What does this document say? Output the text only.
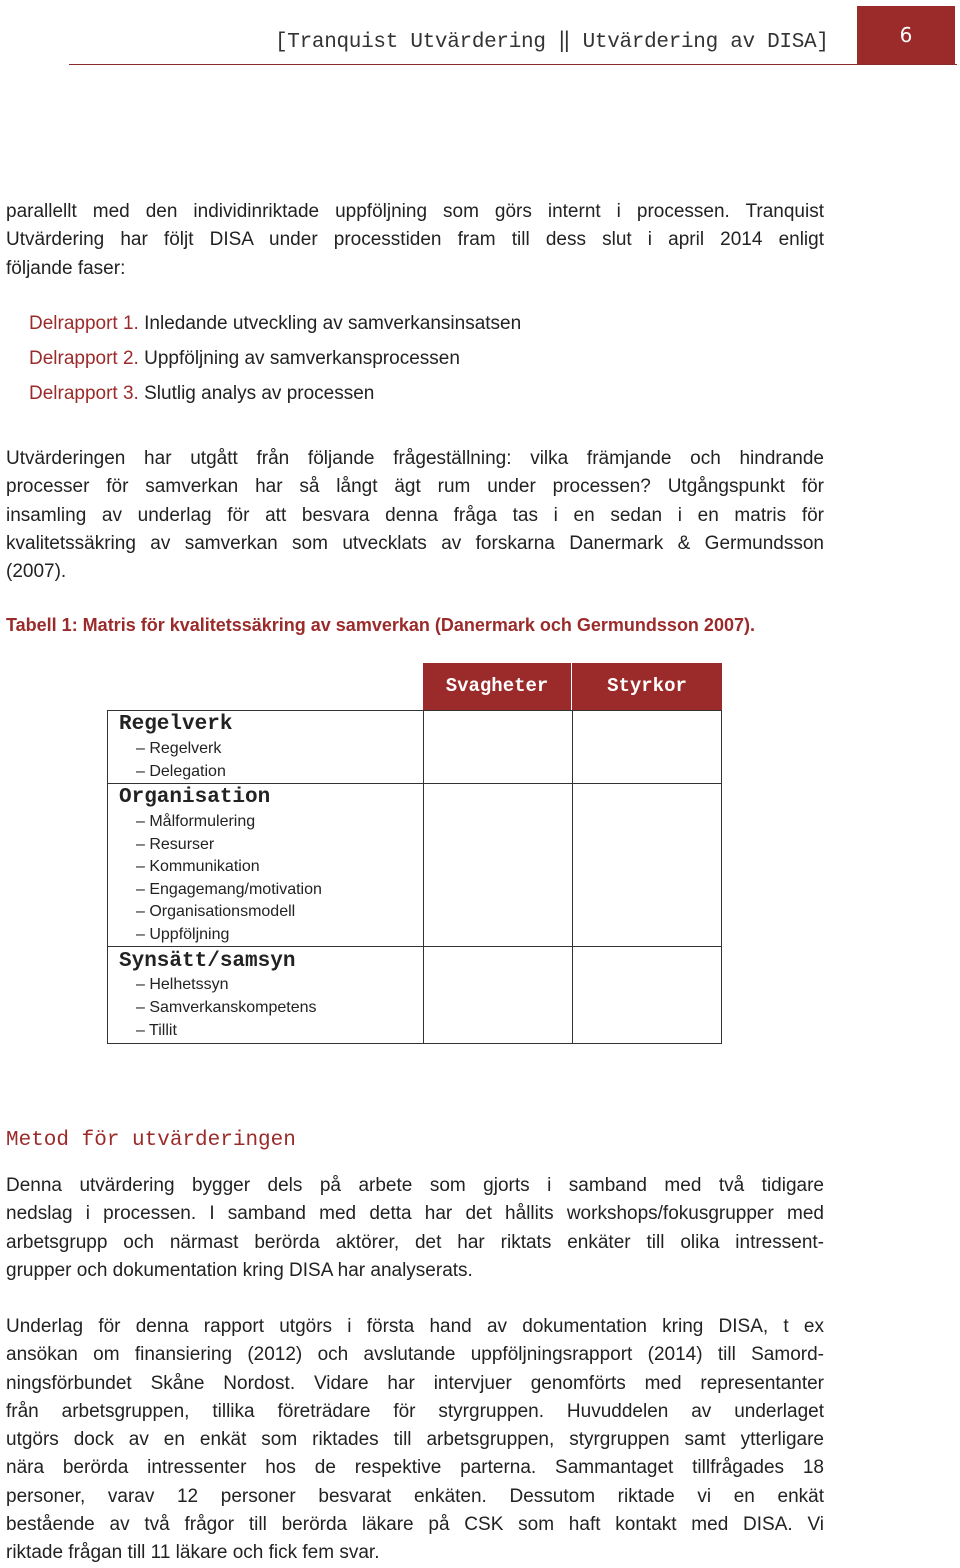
[Tranquist Utvärdering ‖ Utvärdering av DISA]	6
parallellt med den individinriktade uppföljning som görs internt i processen. Tranquist
Utvärdering har följt DISA under processtiden fram till dess slut i april 2014 enligt
följande faser:
Delrapport 1. Inledande utveckling av samverkansinsatsen
Delrapport 2. Uppföljning av samverkansprocessen
Delrapport 3. Slutlig analys av processen
Utvärderingen har utgått från följande frågeställning: vilka främjande och hindrande
processer för samverkan har så långt ägt rum under processen? Utgångspunkt för
insamling av underlag för att besvara denna fråga tas i en sedan i en matris för
kvalitetssäkring av samverkan som utvecklats av forskarna Danermark & Germundsson
(2007).
Tabell 1: Matris för kvalitetssäkring av samverkan (Danermark och Germundsson 2007).
Svagheter	Styrkor
Regelverk
– Regelverk
– Delegation
Organisation
– Målformulering
– Resurser
– Kommunikation
– Engagemang/motivation
– Organisationsmodell
– Uppföljning
Synsätt/samsyn
– Helhetssyn
– Samverkanskompetens
– Tillit
Metod för utvärderingen
Denna utvärdering bygger dels på arbete som gjorts i samband med två tidigare
nedslag i processen. I samband med detta har det hållits workshops/fokusgrupper med
arbetsgrupp och närmast berörda aktörer, det har riktats enkäter till olika intressent-
grupper och dokumentation kring DISA har analyserats.
Underlag för denna rapport utgörs i första hand av dokumentation kring DISA, t ex
ansökan om finansiering (2012) och avslutande uppföljningsrapport (2014) till Samord-
ningsförbundet Skåne Nordost. Vidare har intervjuer genomförts med representanter
från arbetsgruppen, tillika företrädare för styrgruppen. Huvuddelen av underlaget
utgörs dock av en enkät som riktades till arbetsgruppen, styrgruppen samt ytterligare
nära berörda intressenter hos de respektive parterna. Sammantaget tillfrågades 18
personer, varav 12 personer besvarat enkäten. Dessutom riktade vi en enkät
bestående av två frågor till berörda läkare på CSK som haft kontakt med DISA. Vi
riktade frågan till 11 läkare och fick fem svar.
